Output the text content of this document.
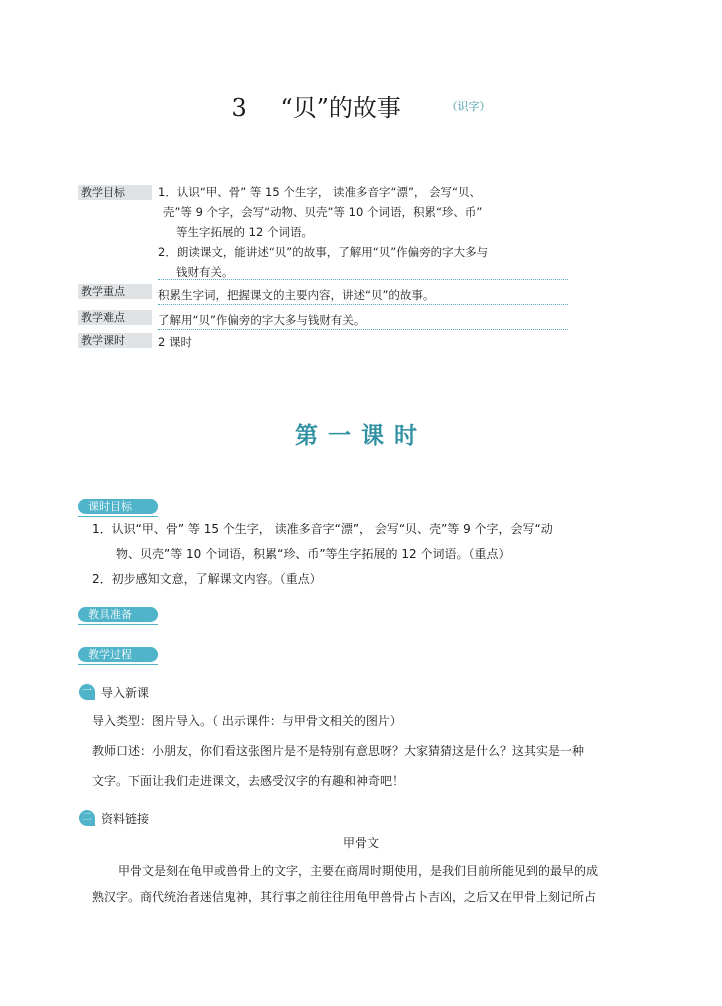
3 “贝”的故事	$^{(识字)}$
教学目标	1．认识“甲、骨” 等 15 个生字， 读准多音字“漂”， 会写“贝、
壳”等 9 个字，会写“动物、贝壳”等 10 个词语，积累“珍、币”
等生字拓展的 12 个词语。
2．朗读课文，能讲述“贝”的故事，了解用“贝”作偏旁的字大多与
钱财有关。
教学重点	积累生字词，把握课文的主要内容，讲述“贝”的故事。
教学难点	了解用“贝”作偏旁的字大多与钱财有关。
教学课时	2 课时
第一课时
课时目标
1．认识“甲、骨” 等 15 个生字， 读准多音字“漂”， 会写“贝、壳”等 9 个字，会写“动
物、贝壳”等 10 个词语，积累“珍、币”等生字拓展的 12 个词语。（重点）
2．初步感知文意，了解课文内容。（重点）
教具准备
教学过程
一 导入新课
导入类型：图片导入。（ 出示课件：与甲骨文相关的图片）
教师口述：小朋友，你们看这张图片是不是特别有意思呀？大家猜猜这是什么？这其实是一种
文字。下面让我们走进课文，去感受汉字的有趣和神奇吧！
二 资料链接
甲骨文
甲骨文是刻在龟甲或兽骨上的文字，主要在商周时期使用，是我们目前所能见到的最早的成
熟汉字。商代统治者迷信鬼神，其行事之前往往用龟甲兽骨占卜吉凶，之后又在甲骨上刻记所占
